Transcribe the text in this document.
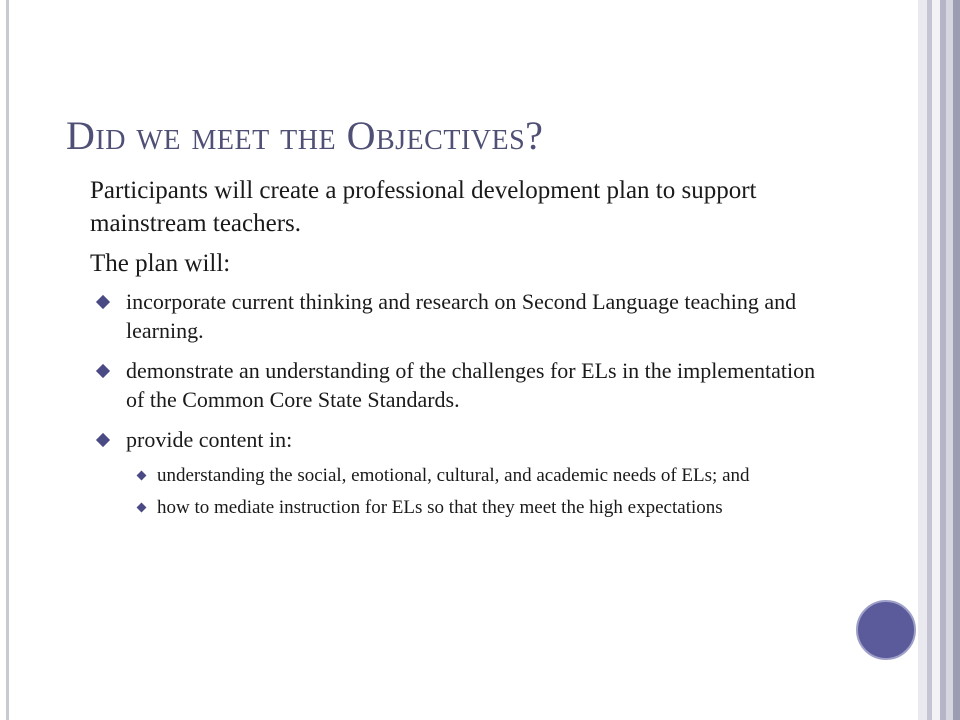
Did we meet the Objectives?

Participants will create a professional development plan to support mainstream teachers.

The plan will:

incorporate current thinking and research on Second Language teaching and learning.
demonstrate an understanding of the challenges for ELs in the implementation of the Common Core State Standards.
provide content in:
understanding the social, emotional, cultural, and academic needs of ELs; and
how to mediate instruction for ELs so that they meet the high expectations
